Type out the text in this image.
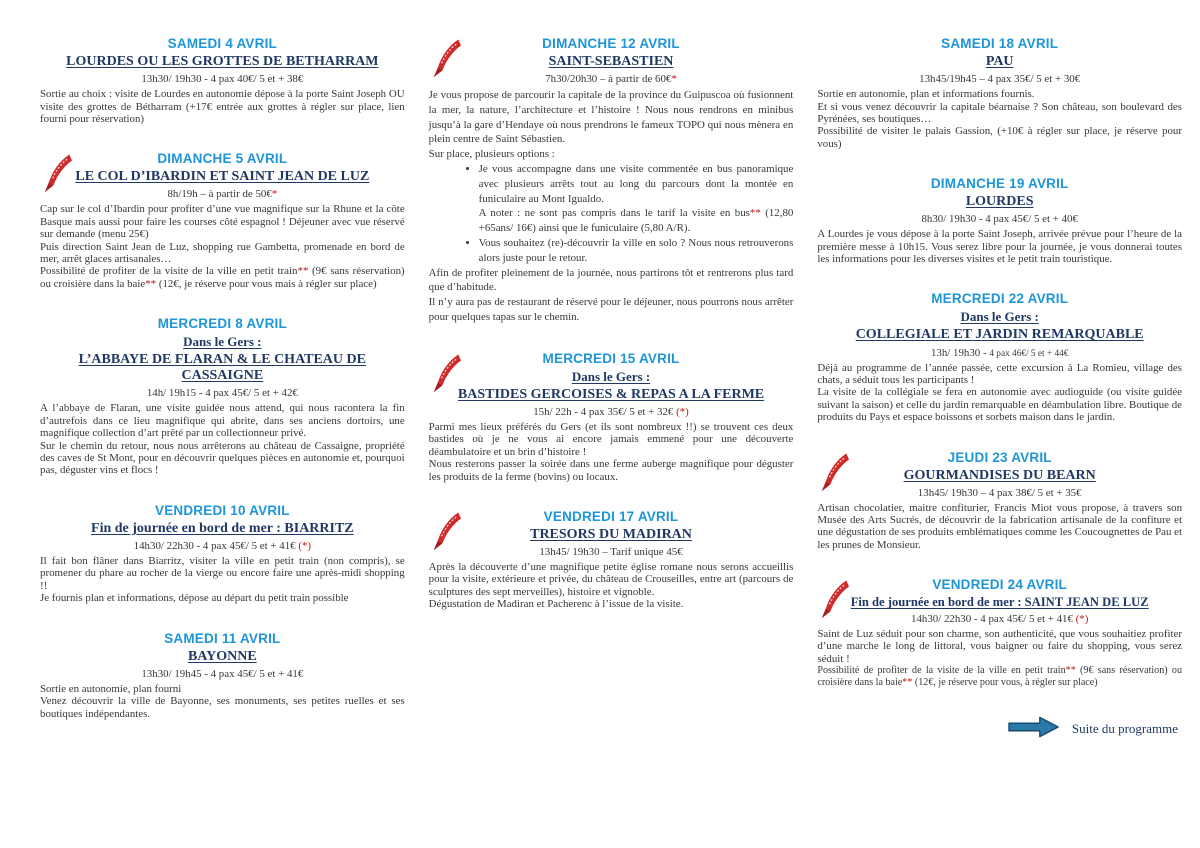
SAMEDI 4 AVRIL
LOURDES OU LES GROTTES DE BETHARRAM
13h30/ 19h30 - 4 pax 40€/ 5 et + 38€

Sortie au choix : visite de Lourdes en autonomie dépose à la porte Saint Joseph OU visite des grottes de Bétharram (+17€ entrée aux grottes à régler sur place, lien fourni pour réservation)

DIMANCHE 5 AVRIL
LE COL D’IBARDIN ET SAINT JEAN DE LUZ
8h/19h – à partir de 50€*

Cap sur le col d’Ibardin pour profiter d’une vue magnifique sur la Rhune et la côte Basque mais aussi pour faire les courses côté espagnol ! Déjeuner avec vue réservé sur demande (menu 25€)

Puis direction Saint Jean de Luz, shopping rue Gambetta, promenade en bord de mer, arrêt glaces artisanales…

Possibilité de profiter de la visite de la ville en petit train** (9€ sans réservation) ou croisière dans la baie** (12€, je réserve pour vous mais à régler sur place)

MERCREDI 8 AVRIL
Dans le Gers :
L’ABBAYE DE FLARAN & LE CHATEAU DE CASSAIGNE
14h/ 19h15 - 4 pax 45€/ 5 et + 42€

A l’abbaye de Flaran, une visite guidée nous attend, qui nous racontera la fin d’autrefois dans ce lieu magnifique qui abrite, dans ses anciens dortoirs, une magnifique collection d’art prêté par un collectionneur privé.

Sur le chemin du retour, nous nous arrêterons au château de Cassaigne, propriété des caves de St Mont, pour en découvrir quelques pièces en autonomie et, pourquoi pas, déguster vins et flocs !

VENDREDI 10 AVRIL
Fin de journée en bord de mer : BIARRITZ
14h30/ 22h30 - 4 pax 45€/ 5 et + 41€ (*)

Il fait bon flâner dans Biarritz, visiter la ville en petit train (non compris), se promener du phare au rocher de la vierge ou encore faire une après-midi shopping !!

Je fournis plan et informations, dépose au départ du petit train possible

SAMEDI 11 AVRIL
BAYONNE
13h30/ 19h45 - 4 pax 45€/ 5 et + 41€

Sortie en autonomie, plan fourni

Venez découvrir la ville de Bayonne, ses monuments, ses petites ruelles et ses boutiques indépendantes.

DIMANCHE 12 AVRIL
SAINT-SEBASTIEN
7h30/20h30 – à partir de 60€*

Je vous propose de parcourir la capitale de la province du Guipuscoa où fusionnent la mer, la nature, l’architecture et l’histoire ! Nous nous rendrons en minibus jusqu’à la gare d’Hendaye où nous prendrons le fameux TOPO qui nous mènera en plein centre de Saint Sébastien.

Sur place, plusieurs options :

• Je vous accompagne dans une visite commentée en bus panoramique avec plusieurs arrêts tout au long du parcours dont la montée en funiculaire au Mont Igualdo.

A noter : ne sont pas compris dans le tarif la visite en bus** (12,80 +65ans/ 16€) ainsi que le funiculaire (5,80 A/R).

• Vous souhaitez (re)-découvrir la ville en solo ? Nous nous retrouverons alors juste pour le retour.

Afin de profiter pleinement de la journée, nous partirons tôt et rentrerons plus tard que d’habitude.

Il n’y aura pas de restaurant de réservé pour le déjeuner, nous pourrons nous arrêter pour quelques tapas sur le chemin.

MERCREDI 15 AVRIL
Dans le Gers :
BASTIDES GERCOISES & REPAS A LA FERME
15h/ 22h - 4 pax 35€/ 5 et + 32€ (*)

Parmi mes lieux préférés du Gers (et ils sont nombreux !!) se trouvent ces deux bastides où je ne vous ai encore jamais emmené pour une découverte déambulatoire et un brin d’histoire !

Nous resterons passer la soirée dans une ferme auberge magnifique pour déguster les produits de la ferme (bovins) ou locaux.

VENDREDI 17 AVRIL
TRESORS DU MADIRAN
13h45/ 19h30 – Tarif unique 45€

Après la découverte d’une magnifique petite église romane nous serons accueillis pour la visite, extérieure et privée, du château de Crouseilles, entre art (parcours de sculptures des sept merveilles), histoire et vignoble.

Dégustation de Madiran et Pacherenc à l’issue de la visite.

SAMEDI 18 AVRIL
PAU
13h45/19h45 – 4 pax 35€/ 5 et + 30€

Sortie en autonomie, plan et informations fournis.

Et si vous venez découvrir la capitale béarnaise ? Son château, son boulevard des Pyrénées, ses boutiques…

Possibilité de visiter le palais Gassion, (+10€ à régler sur place, je réserve pour vous)

DIMANCHE 19 AVRIL
LOURDES
8h30/ 19h30 - 4 pax 45€/ 5 et + 40€

A Lourdes je vous dépose à la porte Saint Joseph, arrivée prévue pour l’heure de la première messe à 10h15. Vous serez libre pour la journée, je vous donnerai toutes les informations pour les diverses visites et le petit train touristique.

MERCREDI 22 AVRIL
Dans le Gers :
COLLEGIALE ET JARDIN REMARQUABLE
13h/ 19h30 - 4 pax 46€/ 5 et + 44€

Déjà au programme de l’année passée, cette excursion à La Romieu, village des chats, a séduit tous les participants !

La visite de la collégiale se fera en autonomie avec audioguide (ou visite guidée suivant la saison) et celle du jardin remarquable en déambulation libre. Boutique de produits du Pays et espace boissons et sorbets maison dans le jardin.

JEUDI 23 AVRIL
GOURMANDISES DU BEARN
13h45/ 19h30 – 4 pax 38€/ 5 et + 35€

Artisan chocolatier, maitre confiturier, Francis Miot vous propose, à travers son Musée des Arts Sucrés, de découvrir de la fabrication artisanale de la confiture et une dégustation de ses produits emblématiques comme les Coucougnettes de Pau et les prunes de Monsieur.

VENDREDI 24 AVRIL
Fin de journée en bord de mer : SAINT JEAN DE LUZ
14h30/ 22h30 - 4 pax 45€/ 5 et + 41€ (*)

Saint de Luz séduit pour son charme, son authenticité, que vous souhaitiez profiter d’une marche le long de littoral, vous baigner ou faire du shopping, vous serez séduit !

Possibilité de profiter de la visite de la ville en petit train** (9€ sans réservation) ou croisière dans la baie** (12€, je réserve pour vous, à régler sur place)

Suite du programme
